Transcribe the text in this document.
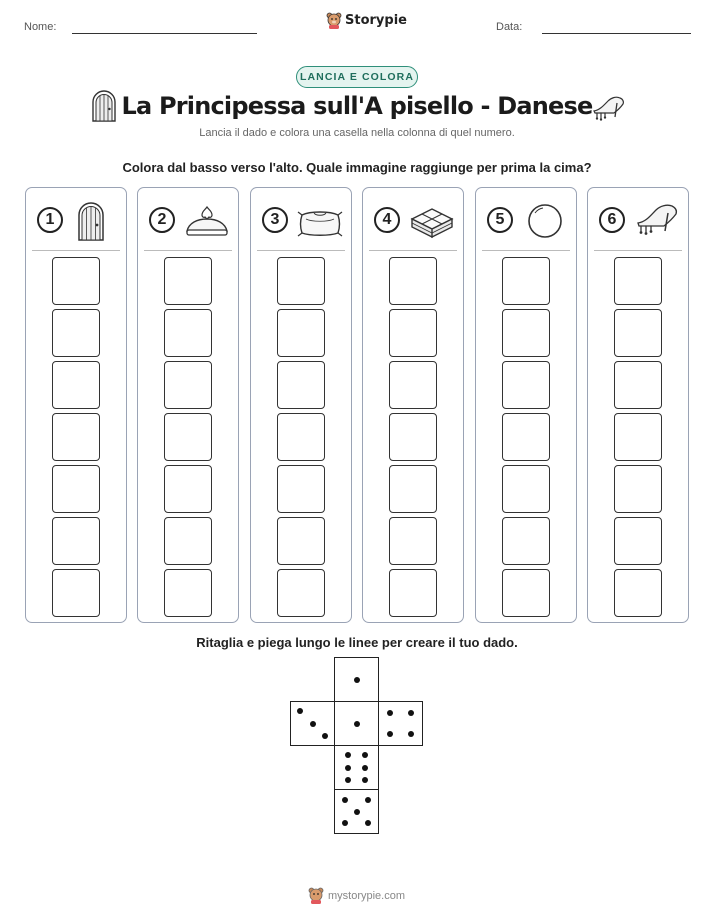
Nome:	Storypie	Data:
LANCIA E COLORA
La Principessa sull'A pisello - Danese
Lancia il dado e colora una casella nella colonna di quel numero.
Colora dal basso verso l'alto. Quale immagine raggiunge per prima la cima?
1	2	3	4	5	6
Ritaglia e piega lungo le linee per creare il tuo dado.
mystorypie.com
